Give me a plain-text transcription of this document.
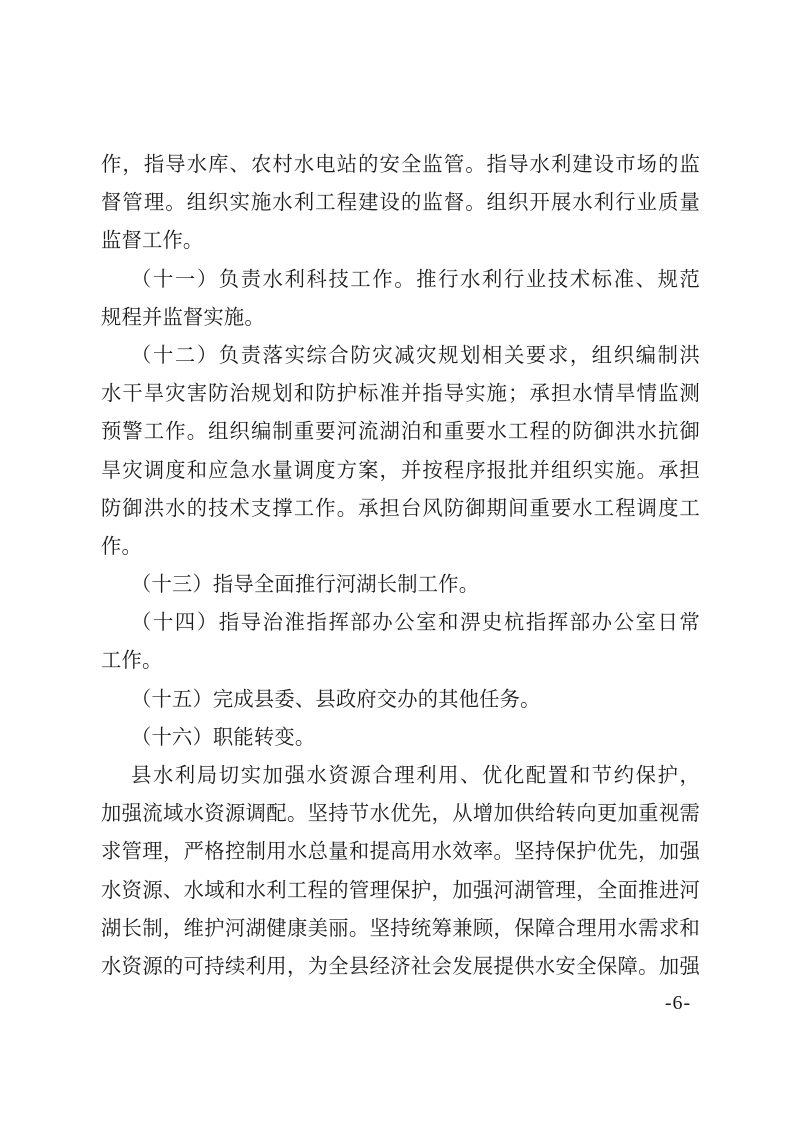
作，指导水库、农村水电站的安全监管。指导水利建设市场的监
督管理。组织实施水利工程建设的监督。组织开展水利行业质量
监督工作。
（十一）负责水利科技工作。推行水利行业技术标准、规范
规程并监督实施。
（十二）负责落实综合防灾减灾规划相关要求，组织编制洪
水干旱灾害防治规划和防护标准并指导实施；承担水情旱情监测
预警工作。组织编制重要河流湖泊和重要水工程的防御洪水抗御
旱灾调度和应急水量调度方案，并按程序报批并组织实施。承担
防御洪水的技术支撑工作。承担台风防御期间重要水工程调度工
作。
（十三）指导全面推行河湖长制工作。
（十四）指导治淮指挥部办公室和淠史杭指挥部办公室日常
工作。
（十五）完成县委、县政府交办的其他任务。
（十六）职能转变。
县水利局切实加强水资源合理利用、优化配置和节约保护，
加强流域水资源调配。坚持节水优先，从增加供给转向更加重视需
求管理，严格控制用水总量和提高用水效率。坚持保护优先，加强
水资源、水域和水利工程的管理保护，加强河湖管理，全面推进河
湖长制，维护河湖健康美丽。坚持统筹兼顾，保障合理用水需求和
水资源的可持续利用，为全县经济社会发展提供水安全保障。加强
-6-
